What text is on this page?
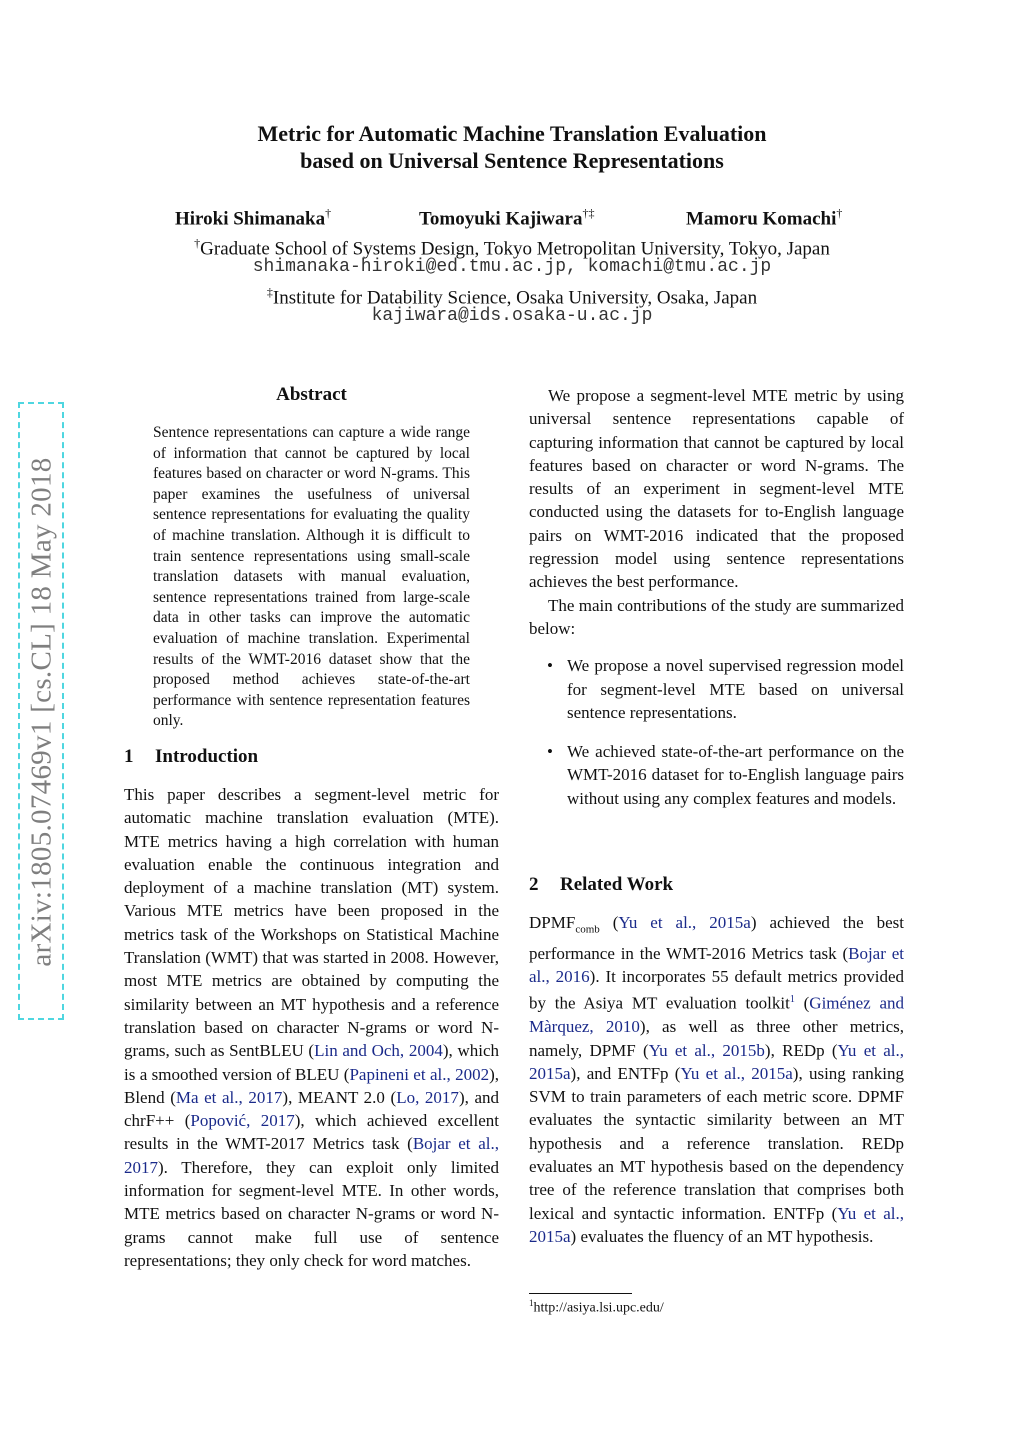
Metric for Automatic Machine Translation Evaluation
based on Universal Sentence Representations
Hiroki Shimanaka†	Tomoyuki Kajiwara†‡	Mamoru Komachi†
†Graduate School of Systems Design, Tokyo Metropolitan University, Tokyo, Japan
shimanaka-hiroki@ed.tmu.ac.jp, komachi@tmu.ac.jp
‡Institute for Datability Science, Osaka University, Osaka, Japan
kajiwara@ids.osaka-u.ac.jp
arXiv:1805.07469v1 [cs.CL] 18 May 2018
Abstract
Sentence representations can capture a wide range of information that cannot be captured by local features based on character or word N-grams. This paper examines the usefulness of universal sentence representations for evaluating the quality of machine translation. Although it is difficult to train sentence representations using small-scale translation datasets with manual evaluation, sentence representations trained from large-scale data in other tasks can improve the automatic evaluation of machine translation. Experimental results of the WMT-2016 dataset show that the proposed method achieves state-of-the-art performance with sentence representation features only.
1 Introduction

This paper describes a segment-level metric for automatic machine translation evaluation (MTE). MTE metrics having a high correlation with human evaluation enable the continuous integration and deployment of a machine translation (MT) system. Various MTE metrics have been proposed in the metrics task of the Workshops on Statistical Machine Translation (WMT) that was started in 2008. However, most MTE metrics are obtained by computing the similarity between an MT hypothesis and a reference translation based on character N-grams or word N-grams, such as SentBLEU (Lin and Och, 2004), which is a smoothed version of BLEU (Papineni et al., 2002), Blend (Ma et al., 2017), MEANT 2.0 (Lo, 2017), and chrF++ (Popović, 2017), which achieved excellent results in the WMT-2017 Metrics task (Bojar et al., 2017). Therefore, they can exploit only limited information for segment-level MTE. In other words, MTE metrics based on character N-grams or word N-grams cannot make full use of sentence representations; they only check for word matches.

We propose a segment-level MTE metric by using universal sentence representations capable of capturing information that cannot be captured by local features based on character or word N-grams. The results of an experiment in segment-level MTE conducted using the datasets for to-English language pairs on WMT-2016 indicated that the proposed regression model using sentence representations achieves the best performance.

The main contributions of the study are summarized below:

• We propose a novel supervised regression model for segment-level MTE based on universal sentence representations.
• We achieved state-of-the-art performance on the WMT-2016 dataset for to-English language pairs without using any complex features and models.
2 Related Work

$DPMF_{comb}$ (Yu et al., 2015a) achieved the best performance in the WMT-2016 Metrics task (Bojar et al., 2016). It incorporates 55 default metrics provided by the Asiya MT evaluation toolkit$^1$ (Giménez and Màrquez, 2010), as well as three other metrics, namely, DPMF (Yu et al., 2015b), REDp (Yu et al., 2015a), and ENTFp (Yu et al., 2015a), using ranking SVM to train parameters of each metric score. DPMF evaluates the syntactic similarity between an MT hypothesis and a reference translation. REDp evaluates an MT hypothesis based on the dependency tree of the reference translation that comprises both lexical and syntactic information. ENTFp (Yu et al., 2015a) evaluates the fluency of an MT hypothesis.

$^1$http://asiya.lsi.upc.edu/
